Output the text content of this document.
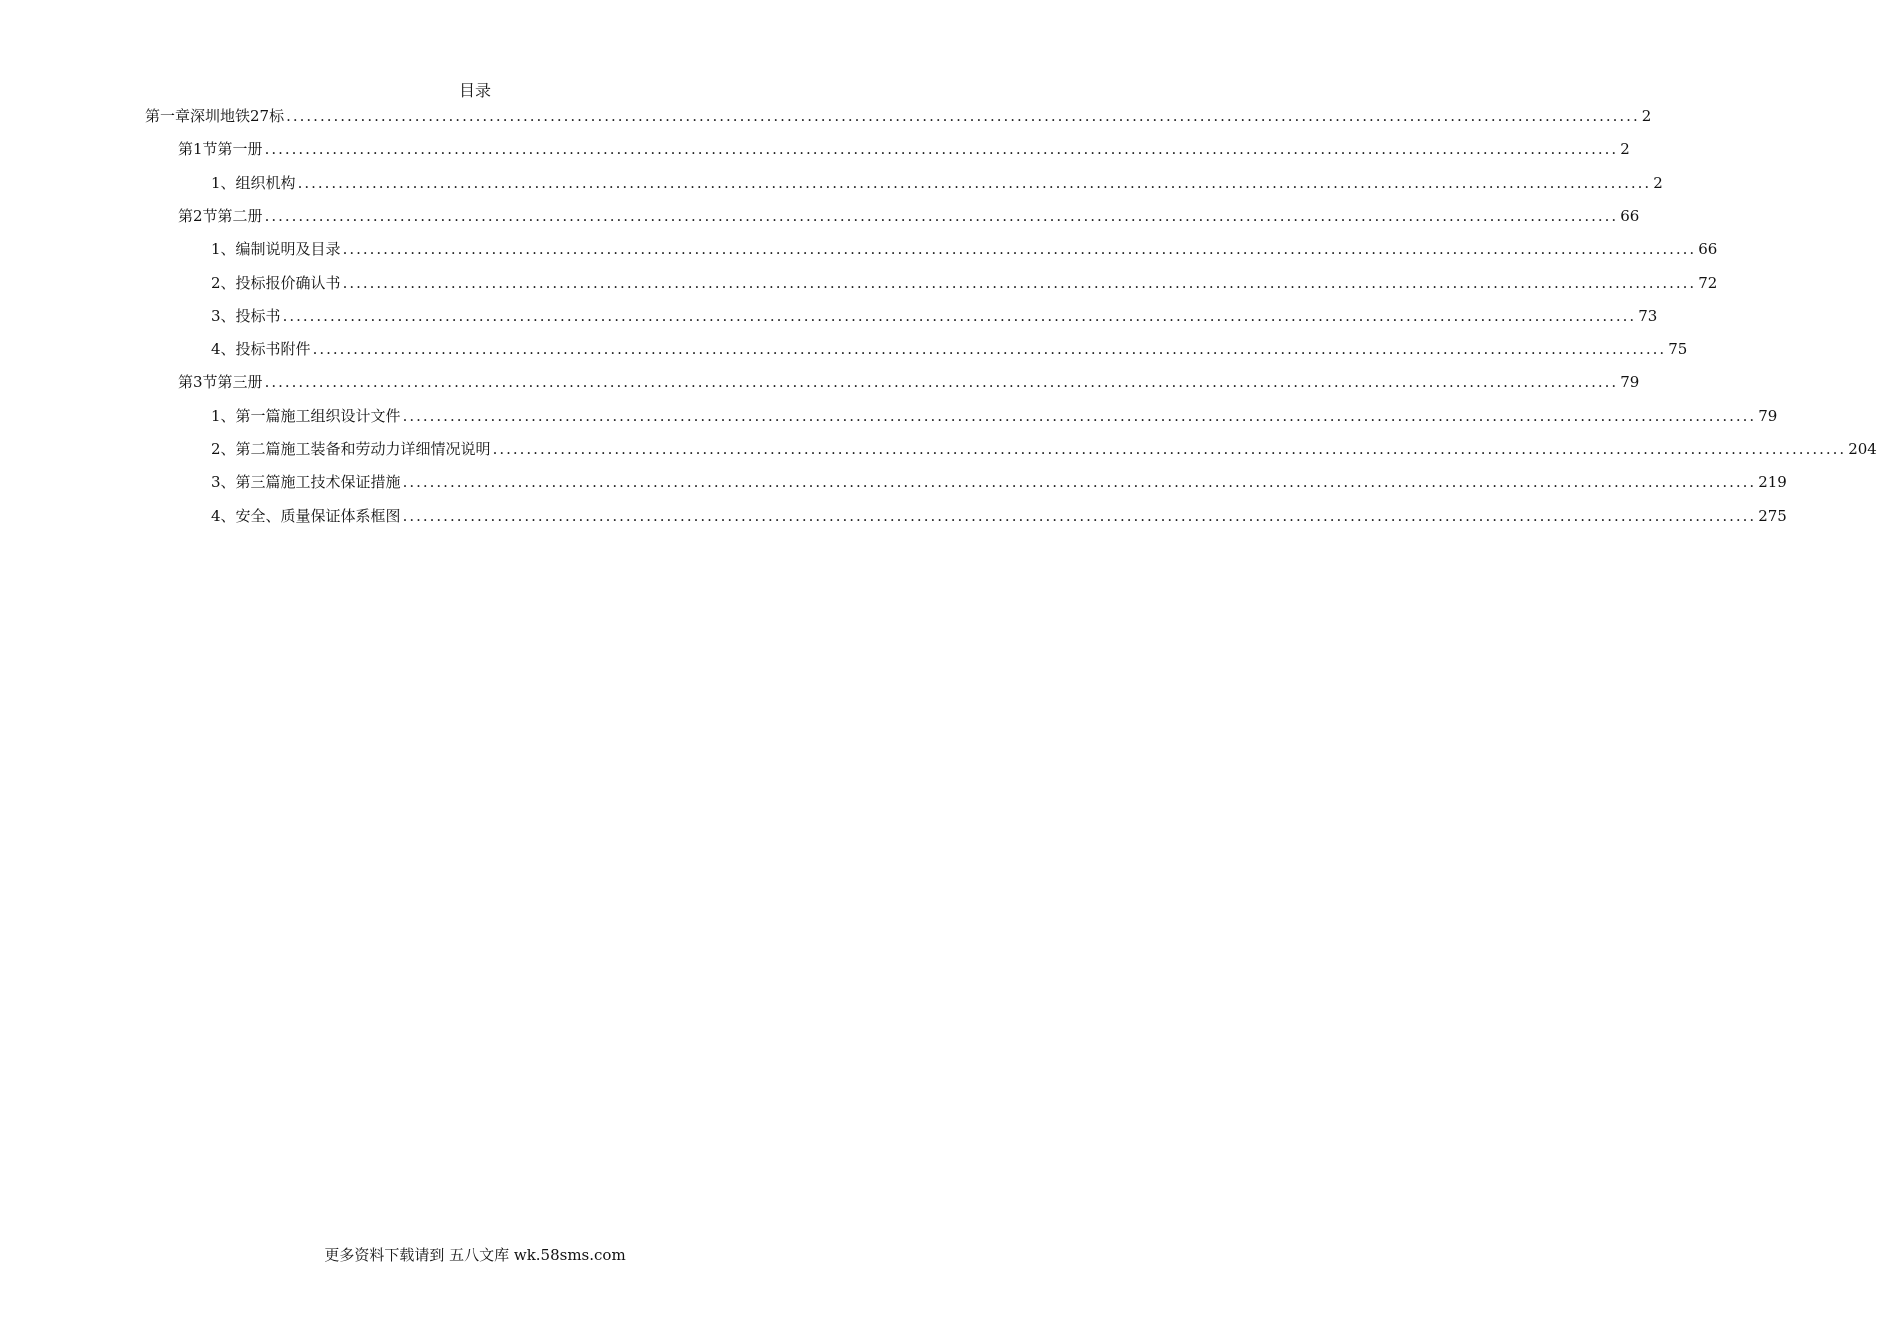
目录
第一章 深圳地铁27标 ........................................................................................................................................................................................................ 2
第1节 第一册 ........................................................................................................................................................................................................ 2
1、 组织机构 ........................................................................................................................................................................................................ 2
第2节 第二册 ........................................................................................................................................................................................................ 66
1、 编制说明及目录 ........................................................................................................................................................................................................ 66
2、 投标报价确认书 ........................................................................................................................................................................................................ 72
3、 投标书 ........................................................................................................................................................................................................ 73
4、 投标书附件 ........................................................................................................................................................................................................ 75
第3节 第三册 ........................................................................................................................................................................................................ 79
1、 第一篇施工组织设计文件 ........................................................................................................................................................................................................ 79
2、 第二篇施工装备和劳动力详细情况说明 ........................................................................................................................................................................................................ 204
3、 第三篇施工技术保证措施 ........................................................................................................................................................................................................ 219
4、 安全、质量保证体系框图 ........................................................................................................................................................................................................ 275
更多资料下载请到 五八文库 wk.58sms.com
